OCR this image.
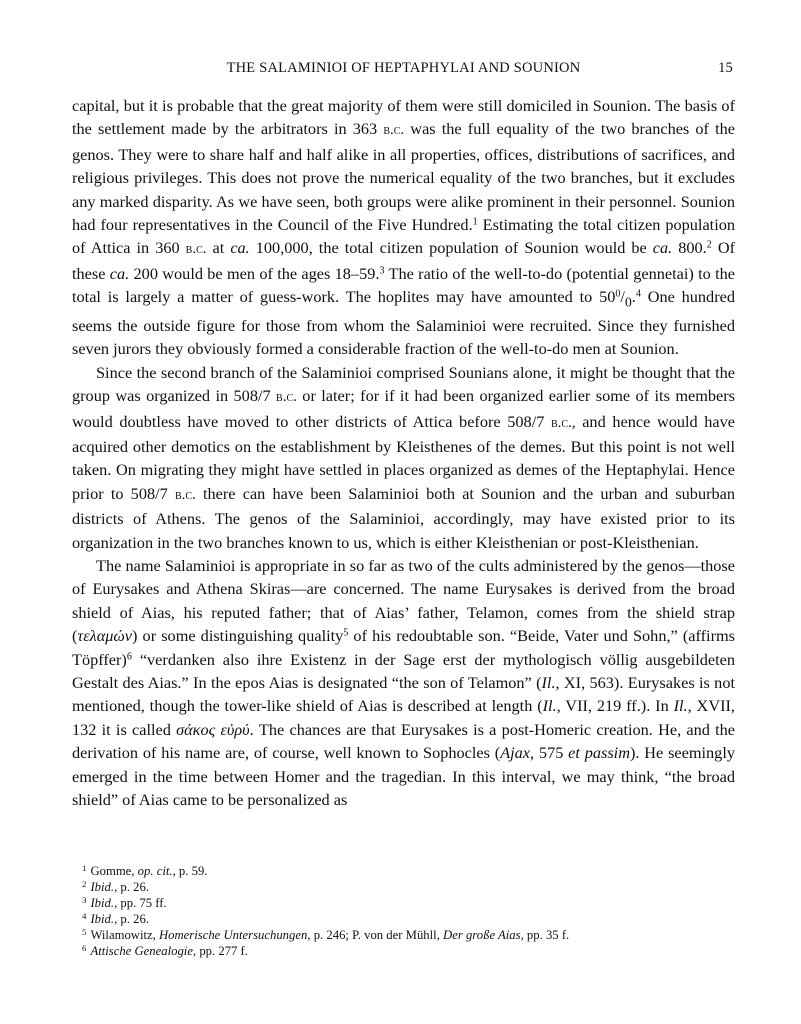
THE SALAMINIOI OF HEPTAPHYLAI AND SOUNION	15

capital, but it is probable that the great majority of them were still domiciled in Sounion. The basis of the settlement made by the arbitrators in 363 b.c. was the full equality of the two branches of the genos. They were to share half and half alike in all properties, offices, distributions of sacrifices, and religious privileges. This does not prove the numerical equality of the two branches, but it excludes any marked disparity. As we have seen, both groups were alike prominent in their personnel. Sounion had four representatives in the Council of the Five Hundred.$^1$ Estimating the total citizen population of Attica in 360 b.c. at ca. 100,000, the total citizen population of Sounion would be ca. 800.$^2$ Of these ca. 200 would be men of the ages 18–59.$^3$ The ratio of the well-to-do (potential gennetai) to the total is largely a matter of guess-work. The hoplites may have amounted to $50^0/_0.^4$ One hundred seems the outside figure for those from whom the Salaminioi were recruited. Since they furnished seven jurors they obviously formed a considerable fraction of the well-to-do men at Sounion.

Since the second branch of the Salaminioi comprised Sounians alone, it might be thought that the group was organized in 508/7 b.c. or later; for if it had been organized earlier some of its members would doubtless have moved to other districts of Attica before 508/7 b.c., and hence would have acquired other demotics on the establishment by Kleisthenes of the demes. But this point is not well taken. On migrating they might have settled in places organized as demes of the Heptaphylai. Hence prior to 508/7 b.c. there can have been Salaminioi both at Sounion and the urban and suburban districts of Athens. The genos of the Salaminioi, accordingly, may have existed prior to its organization in the two branches known to us, which is either Kleisthenian or post-Kleisthenian.

The name Salaminioi is appropriate in so far as two of the cults administered by the genos—those of Eurysakes and Athena Skiras—are concerned. The name Eurysakes is derived from the broad shield of Aias, his reputed father; that of Aias’ father, Telamon, comes from the shield strap (τελαμών) or some distinguishing quality$^5$ of his redoubtable son. “Beide, Vater und Sohn,” (affirms Töpffer)$^6$ “verdanken also ihre Existenz in der Sage erst der mythologisch völlig ausgebildeten Gestalt des Aias.” In the epos Aias is designated “the son of Telamon” (Il., XI, 563). Eurysakes is not mentioned, though the tower-like shield of Aias is described at length (Il., VII, 219 ff.). In Il., XVII, 132 it is called σάκος εὐρύ. The chances are that Eurysakes is a post-Homeric creation. He, and the derivation of his name are, of course, well known to Sophocles (Ajax, 575 et passim). He seemingly emerged in the time between Homer and the tragedian. In this interval, we may think, “the broad shield” of Aias came to be personalized as

$^1$ Gomme, op. cit., p. 59.
$^2$ Ibid., p. 26.
$^3$ Ibid., pp. 75 ff.
$^4$ Ibid., p. 26.
$^5$ Wilamowitz, Homerische Untersuchungen, p. 246; P. von der Mühll, Der große Aias, pp. 35 f.
$^6$ Attische Genealogie, pp. 277 f.
